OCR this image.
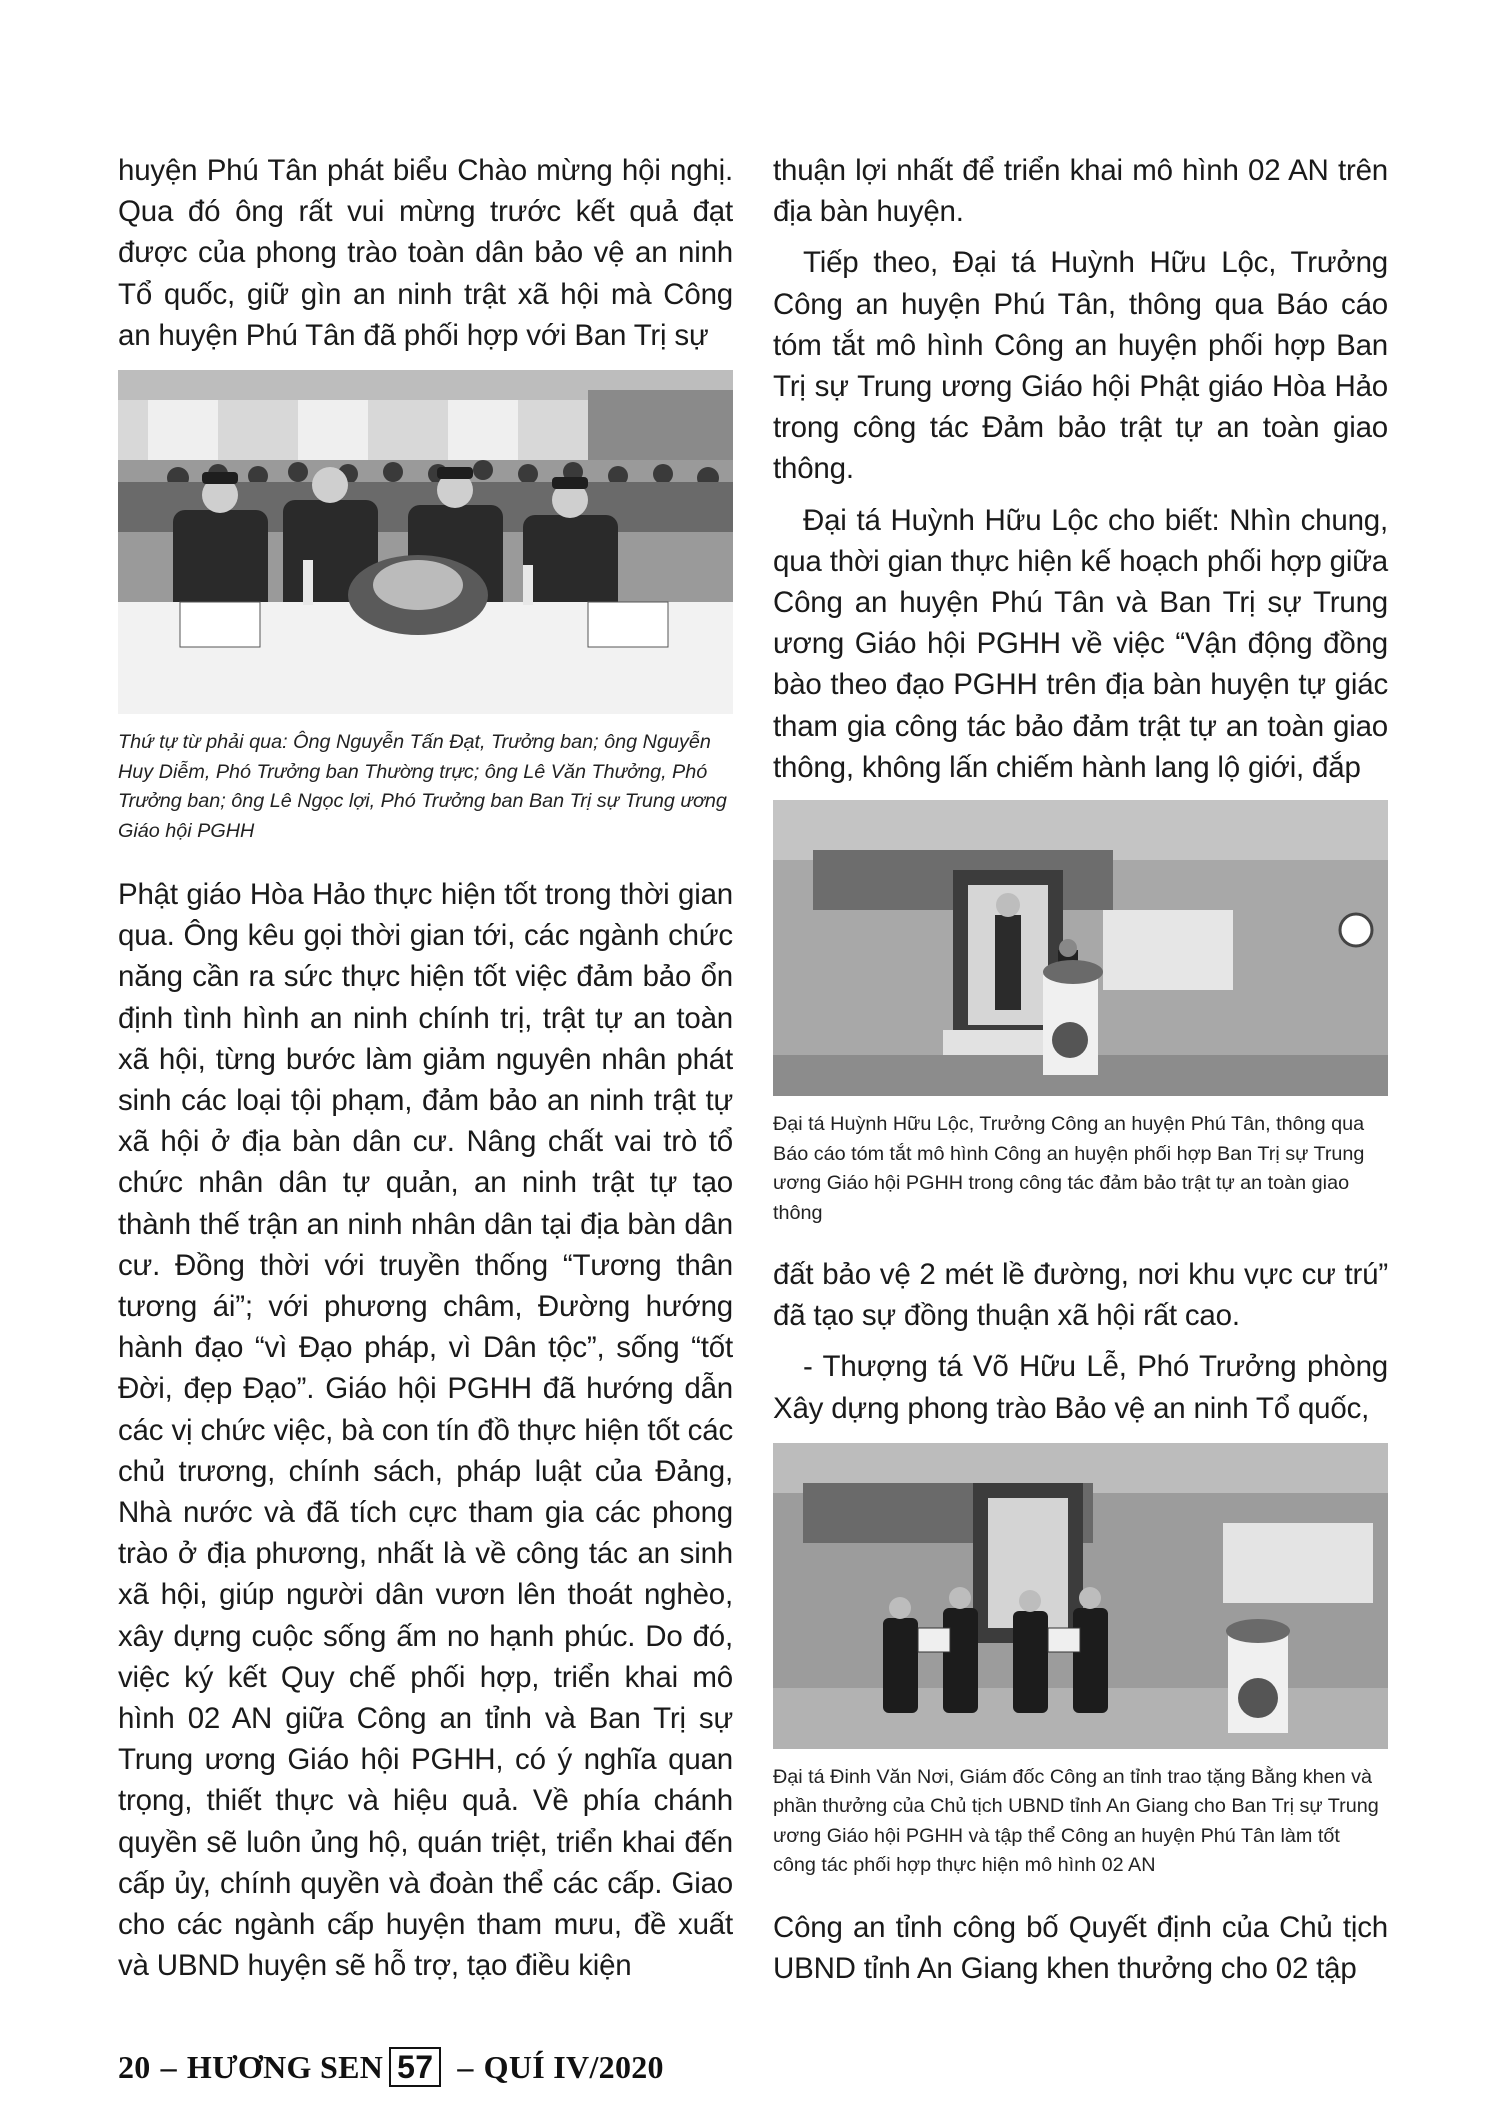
huyện Phú Tân phát biểu Chào mừng hội nghị. Qua đó ông rất vui mừng trước kết quả đạt được của phong trào toàn dân bảo vệ an ninh Tổ quốc, giữ gìn an ninh trật xã hội mà Công an huyện Phú Tân đã phối hợp với Ban Trị sự

Thứ tự từ phải qua: Ông Nguyễn Tấn Đạt, Trưởng ban; ông Nguyễn Huy Diễm, Phó Trưởng ban Thường trực; ông Lê Văn Thưởng, Phó Trưởng ban; ông Lê Ngọc lợi, Phó Trưởng ban Ban Trị sự Trung ương Giáo hội PGHH

Phật giáo Hòa Hảo thực hiện tốt trong thời gian qua. Ông kêu gọi thời gian tới, các ngành chức năng cần ra sức thực hiện tốt việc đảm bảo ổn định tình hình an ninh chính trị, trật tự an toàn xã hội, từng bước làm giảm nguyên nhân phát sinh các loại tội phạm, đảm bảo an ninh trật tự xã hội ở địa bàn dân cư. Nâng chất vai trò tổ chức nhân dân tự quản, an ninh trật tự tạo thành thế trận an ninh nhân dân tại địa bàn dân cư. Đồng thời với truyền thống “Tương thân tương ái”; với phương châm, Đường hướng hành đạo “vì Đạo pháp, vì Dân tộc”, sống “tốt Đời, đẹp Đạo”. Giáo hội PGHH đã hướng dẫn các vị chức việc, bà con tín đồ thực hiện tốt các chủ trương, chính sách, pháp luật của Đảng, Nhà nước và đã tích cực tham gia các phong trào ở địa phương, nhất là về công tác an sinh xã hội, giúp người dân vươn lên thoát nghèo, xây dựng cuộc sống ấm no hạnh phúc. Do đó, việc ký kết Quy chế phối hợp, triển khai mô hình 02 AN giữa Công an tỉnh và Ban Trị sự Trung ương Giáo hội PGHH, có ý nghĩa quan trọng, thiết thực và hiệu quả. Về phía chánh quyền sẽ luôn ủng hộ, quán triệt, triển khai đến cấp ủy, chính quyền và đoàn thể các cấp. Giao cho các ngành cấp huyện tham mưu, đề xuất và UBND huyện sẽ hỗ trợ, tạo điều kiện

thuận lợi nhất để triển khai mô hình 02 AN trên địa bàn huyện.

Tiếp theo, Đại tá Huỳnh Hữu Lộc, Trưởng Công an huyện Phú Tân, thông qua Báo cáo tóm tắt mô hình Công an huyện phối hợp Ban Trị sự Trung ương Giáo hội Phật giáo Hòa Hảo trong công tác Đảm bảo trật tự an toàn giao thông.

Đại tá Huỳnh Hữu Lộc cho biết: Nhìn chung, qua thời gian thực hiện kế hoạch phối hợp giữa Công an huyện Phú Tân và Ban Trị sự Trung ương Giáo hội PGHH về việc “Vận động đồng bào theo đạo PGHH trên địa bàn huyện tự giác tham gia công tác bảo đảm trật tự an toàn giao thông, không lấn chiếm hành lang lộ giới, đắp

Đại tá Huỳnh Hữu Lộc, Trưởng Công an huyện Phú Tân, thông qua Báo cáo tóm tắt mô hình Công an huyện phối hợp Ban Trị sự Trung ương Giáo hội PGHH trong công tác đảm bảo trật tự an toàn giao thông

đất bảo vệ 2 mét lề đường, nơi khu vực cư trú” đã tạo sự đồng thuận xã hội rất cao.

- Thượng tá Võ Hữu Lễ, Phó Trưởng phòng Xây dựng phong trào Bảo vệ an ninh Tổ quốc,

Đại tá Đinh Văn Nơi, Giám đốc Công an tỉnh trao tặng Bằng khen và phần thưởng của Chủ tịch UBND tỉnh An Giang cho Ban Trị sự Trung ương Giáo hội PGHH và tập thể Công an huyện Phú Tân làm tốt công tác phối hợp thực hiện mô hình 02 AN

Công an tỉnh công bố Quyết định của Chủ tịch UBND tỉnh An Giang khen thưởng cho 02 tập

20 – HƯƠNG SEN 57 – QUÍ IV/2020
